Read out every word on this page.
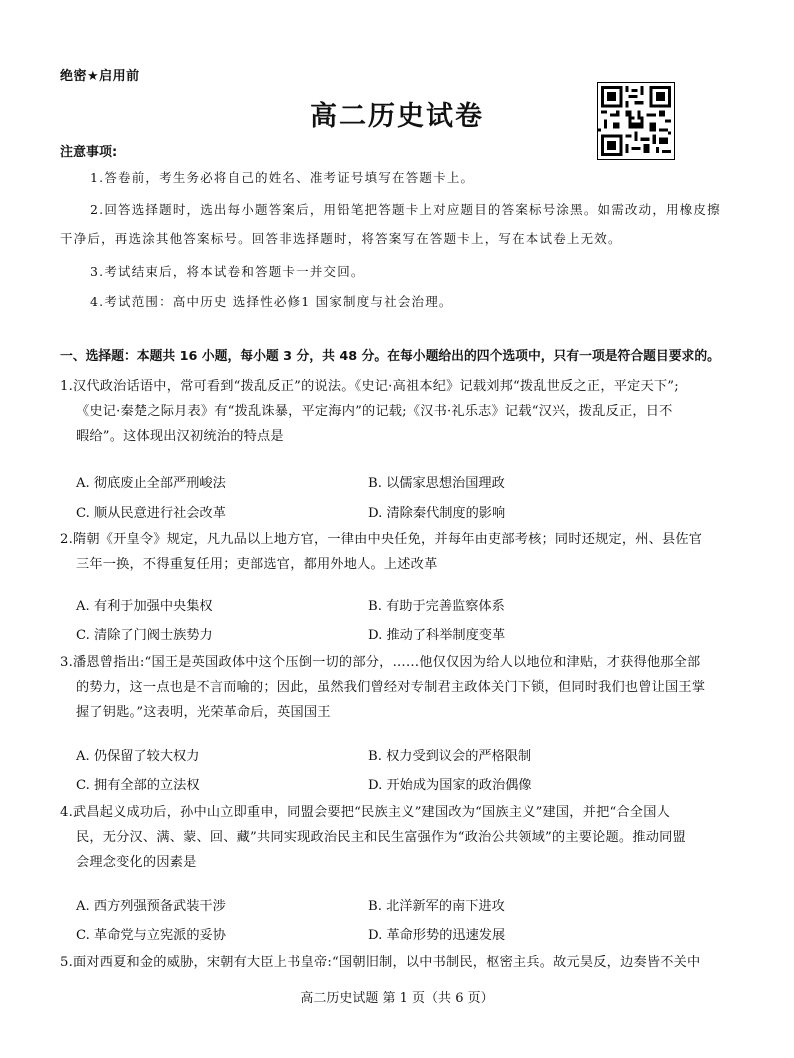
绝密★启用前
高二历史试卷
注意事项:
1.答卷前，考生务必将自己的姓名、准考证号填写在答题卡上。
2.回答选择题时，选出每小题答案后，用铅笔把答题卡上对应题目的答案标号涂黑。如需改动，用橡皮擦
干净后，再选涂其他答案标号。回答非选择题时，将答案写在答题卡上，写在本试卷上无效。
3.考试结束后，将本试卷和答题卡一并交回。
4.考试范围：高中历史 选择性必修1 国家制度与社会治理。
一、选择题：本题共 16 小题，每小题 3 分，共 48 分。在每小题给出的四个选项中，只有一项是符合题目要求的。
1.汉代政治话语中，常可看到“拨乱反正”的说法。《史记·高祖本纪》记载刘邦“拨乱世反之正，平定天下”;
《史记·秦楚之际月表》有“拨乱诛暴，平定海内”的记载;《汉书·礼乐志》记载“汉兴，拨乱反正，日不
暇给”。这体现出汉初统治的特点是
A. 彻底废止全部严刑峻法	B. 以儒家思想治国理政
C. 顺从民意进行社会改革	D. 清除秦代制度的影响
2.隋朝《开皇令》规定，凡九品以上地方官，一律由中央任免，并每年由吏部考核；同时还规定，州、县佐官
三年一换，不得重复任用；吏部选官，都用外地人。上述改革
A. 有利于加强中央集权	B. 有助于完善监察体系
C. 清除了门阀士族势力	D. 推动了科举制度变革
3.潘恩曾指出:“国王是英国政体中这个压倒一切的部分，……他仅仅因为给人以地位和津贴，才获得他那全部
的势力，这一点也是不言而喻的；因此，虽然我们曾经对专制君主政体关门下锁，但同时我们也曾让国王掌
握了钥匙。”这表明，光荣革命后，英国国王
A. 仍保留了较大权力	B. 权力受到议会的严格限制
C. 拥有全部的立法权	D. 开始成为国家的政治偶像
4.武昌起义成功后，孙中山立即重申，同盟会要把“民族主义”建国改为“国族主义”建国，并把“合全国人
民，无分汉、满、蒙、回、藏”共同实现政治民主和民生富强作为“政治公共领域”的主要论题。推动同盟
会理念变化的因素是
A. 西方列强预备武装干涉	B. 北洋新军的南下进攻
C. 革命党与立宪派的妥协	D. 革命形势的迅速发展
5.面对西夏和金的威胁，宋朝有大臣上书皇帝:“国朝旧制，以中书制民，枢密主兵。故元昊反，边奏皆不关中
高二历史试题 第 1 页（共 6 页）
